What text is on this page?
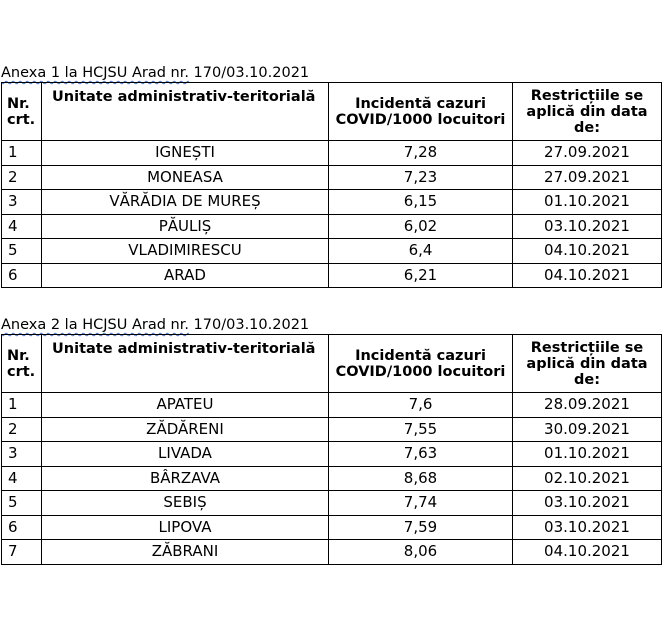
Anexa 1 la HCJSU Arad nr. 170/03.10.2021
Nr. crt.	Unitate administrativ-teritorială	Incidentă cazuri COVID/1000 locuitori	Restricțiile se aplică din data de:
1	IGNEȘTI	7,28	27.09.2021
2	MONEASA	7,23	27.09.2021
3	VĂRĂDIA DE MUREȘ	6,15	01.10.2021
4	PĂULIȘ	6,02	03.10.2021
5	VLADIMIRESCU	6,4	04.10.2021
6	ARAD	6,21	04.10.2021
Anexa 2 la HCJSU Arad nr. 170/03.10.2021
Nr. crt.	Unitate administrativ-teritorială	Incidentă cazuri COVID/1000 locuitori	Restricțiile se aplică din data de:
1	APATEU	7,6	28.09.2021
2	ZĂDĂRENI	7,55	30.09.2021
3	LIVADA	7,63	01.10.2021
4	BÂRZAVA	8,68	02.10.2021
5	SEBIȘ	7,74	03.10.2021
6	LIPOVA	7,59	03.10.2021
7	ZĂBRANI	8,06	04.10.2021
